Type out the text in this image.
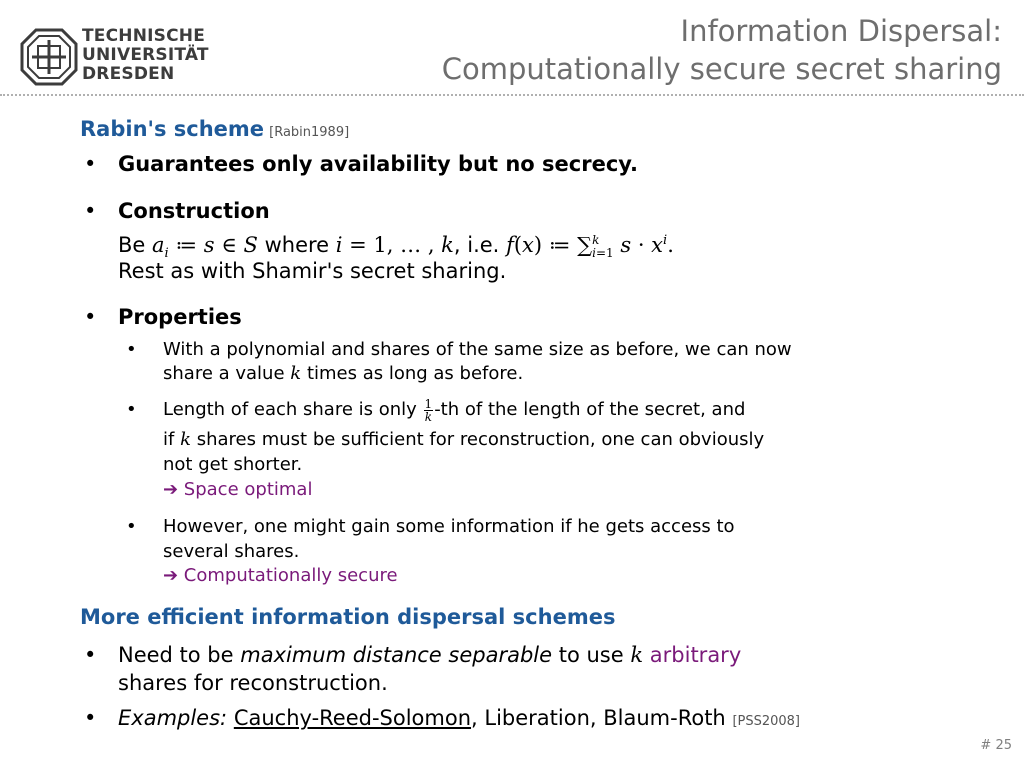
TECHNISCHE
UNIVERSITÄT
DRESDEN
Information Dispersal:
Computationally secure secret sharing
Rabin's scheme [Rabin1989]
• Guarantees only availability but no secrecy.
• Construction
Be $a_i$ ≔ s ∈ S where i = 1, … , k, i.e. f(x) ≔ ∑k
i=1 $s \cdot x^i$.
Rest as with Shamir's secret sharing.
• Properties
• With a polynomial and shares of the same size as before, we can now
share a value k times as long as before.
• Length of each share is only $\frac{1}{k} -th$ of the length of the secret, and
if k shares must be sufficient for reconstruction, one can obviously
not get shorter.
➔ Space optimal
• However, one might gain some information if he gets access to
several shares.
➔ Computationally secure
More efficient information dispersal schemes
• Need to be maximum distance separable to use k arbitrary
shares for reconstruction.
• Examples: Cauchy-Reed-Solomon, Liberation, Blaum-Roth [PSS2008]
# 25
